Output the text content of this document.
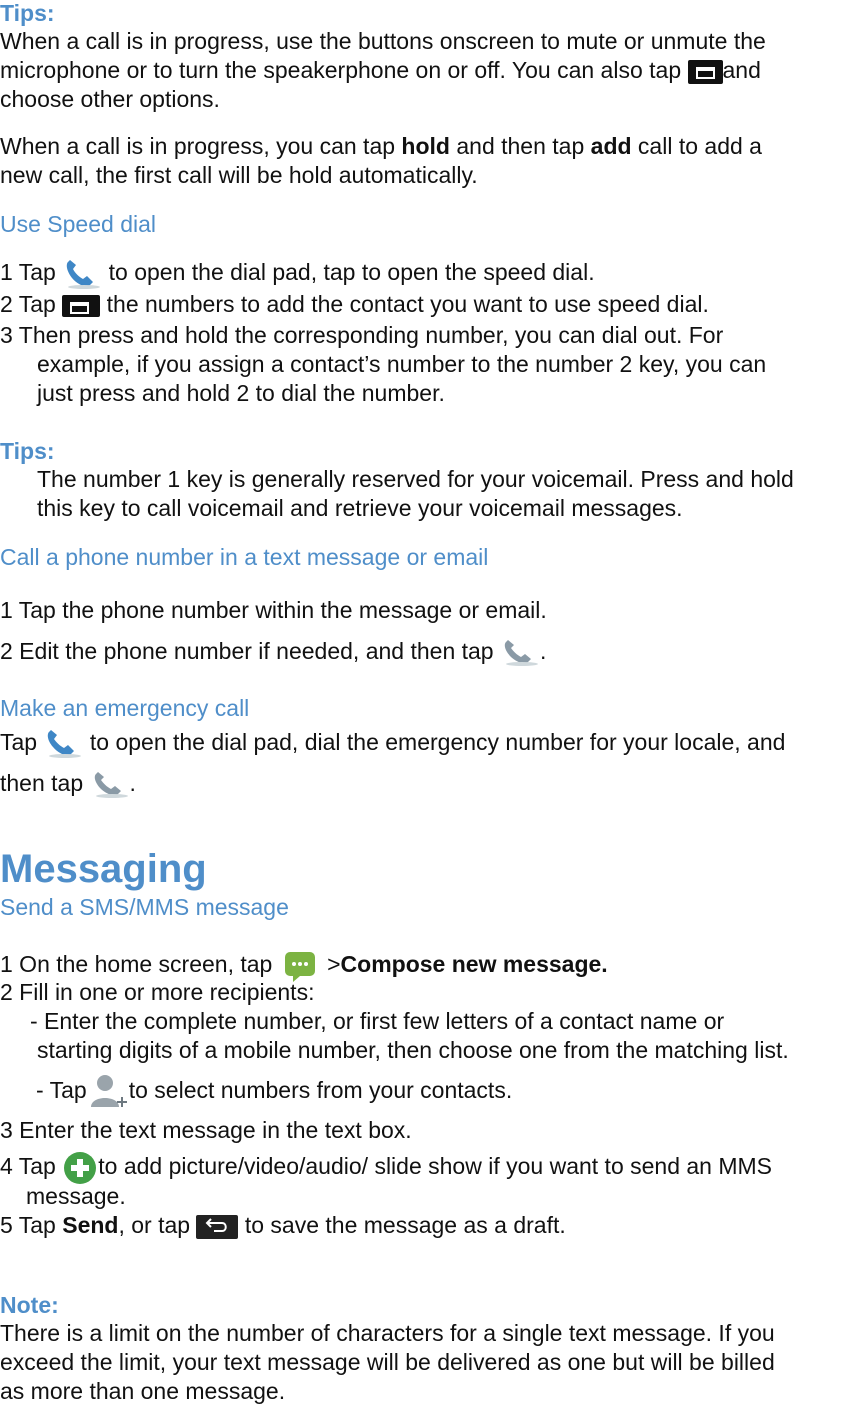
Tips:
When a call is in progress, use the buttons onscreen to mute or unmute the
microphone or to turn the speakerphone on or off. You can also tap and
choose other options.
When a call is in progress, you can tap hold and then tap add call to add a
new call, the first call will be hold automatically.
Use Speed dial
1 Tap  to open the dial pad, tap to open the speed dial.
2 Tap  the numbers to add the contact you want to use speed dial.
3 Then press and hold the corresponding number, you can dial out. For
example, if you assign a contact’s number to the number 2 key, you can
just press and hold 2 to dial the number.
Tips:
The number 1 key is generally reserved for your voicemail. Press and hold
this key to call voicemail and retrieve your voicemail messages.
Call a phone number in a text message or email
1 Tap the phone number within the message or email.
2 Edit the phone number if needed, and then tap .
Make an emergency call
Tap  to open the dial pad, dial the emergency number for your locale, and
then tap .
Messaging
Send a SMS/MMS message
1 On the home screen, tap  >Compose new message.
2 Fill in one or more recipients:
- Enter the complete number, or first few letters of a contact name or
starting digits of a mobile number, then choose one from the matching list.
- Tap to select numbers from your contacts.
3 Enter the text message in the text box.
4 Tap to add picture/video/audio/ slide show if you want to send an MMS
message.
5 Tap Send, or tap  to save the message as a draft.
Note:
There is a limit on the number of characters for a single text message. If you
exceed the limit, your text message will be delivered as one but will be billed
as more than one message.
